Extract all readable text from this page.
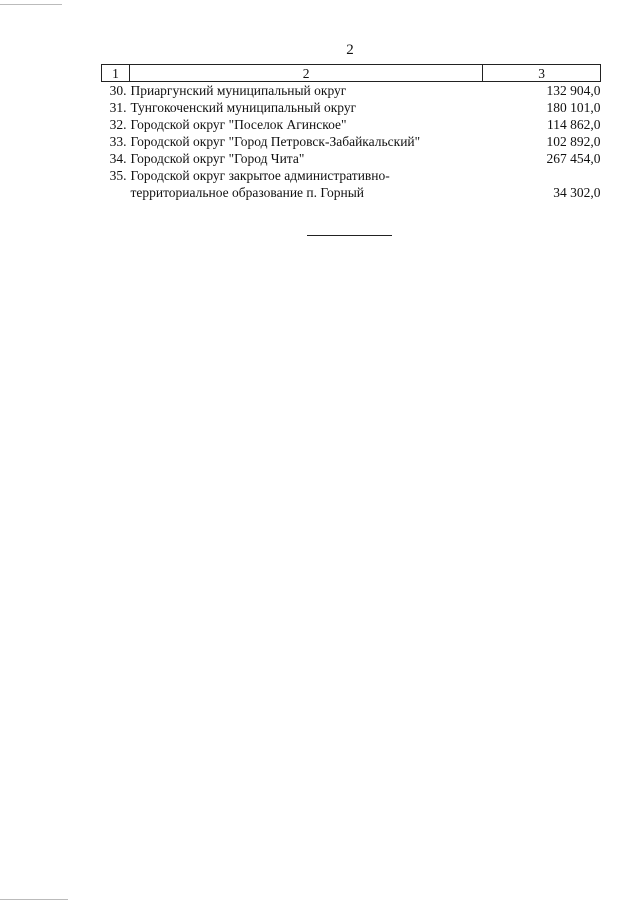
2
1	2	3
30.	Приаргунский муниципальный округ	132 904,0
31.	Тунгокоченский муниципальный округ	180 101,0
32.	Городской округ "Поселок Агинское"	114 862,0
33.	Городской округ "Город Петровск-Забайкальский"	102 892,0
34.	Городской округ "Город Чита"	267 454,0
35.	Городской округ закрытое административно-территориальное образование п. Горный	34 302,0
